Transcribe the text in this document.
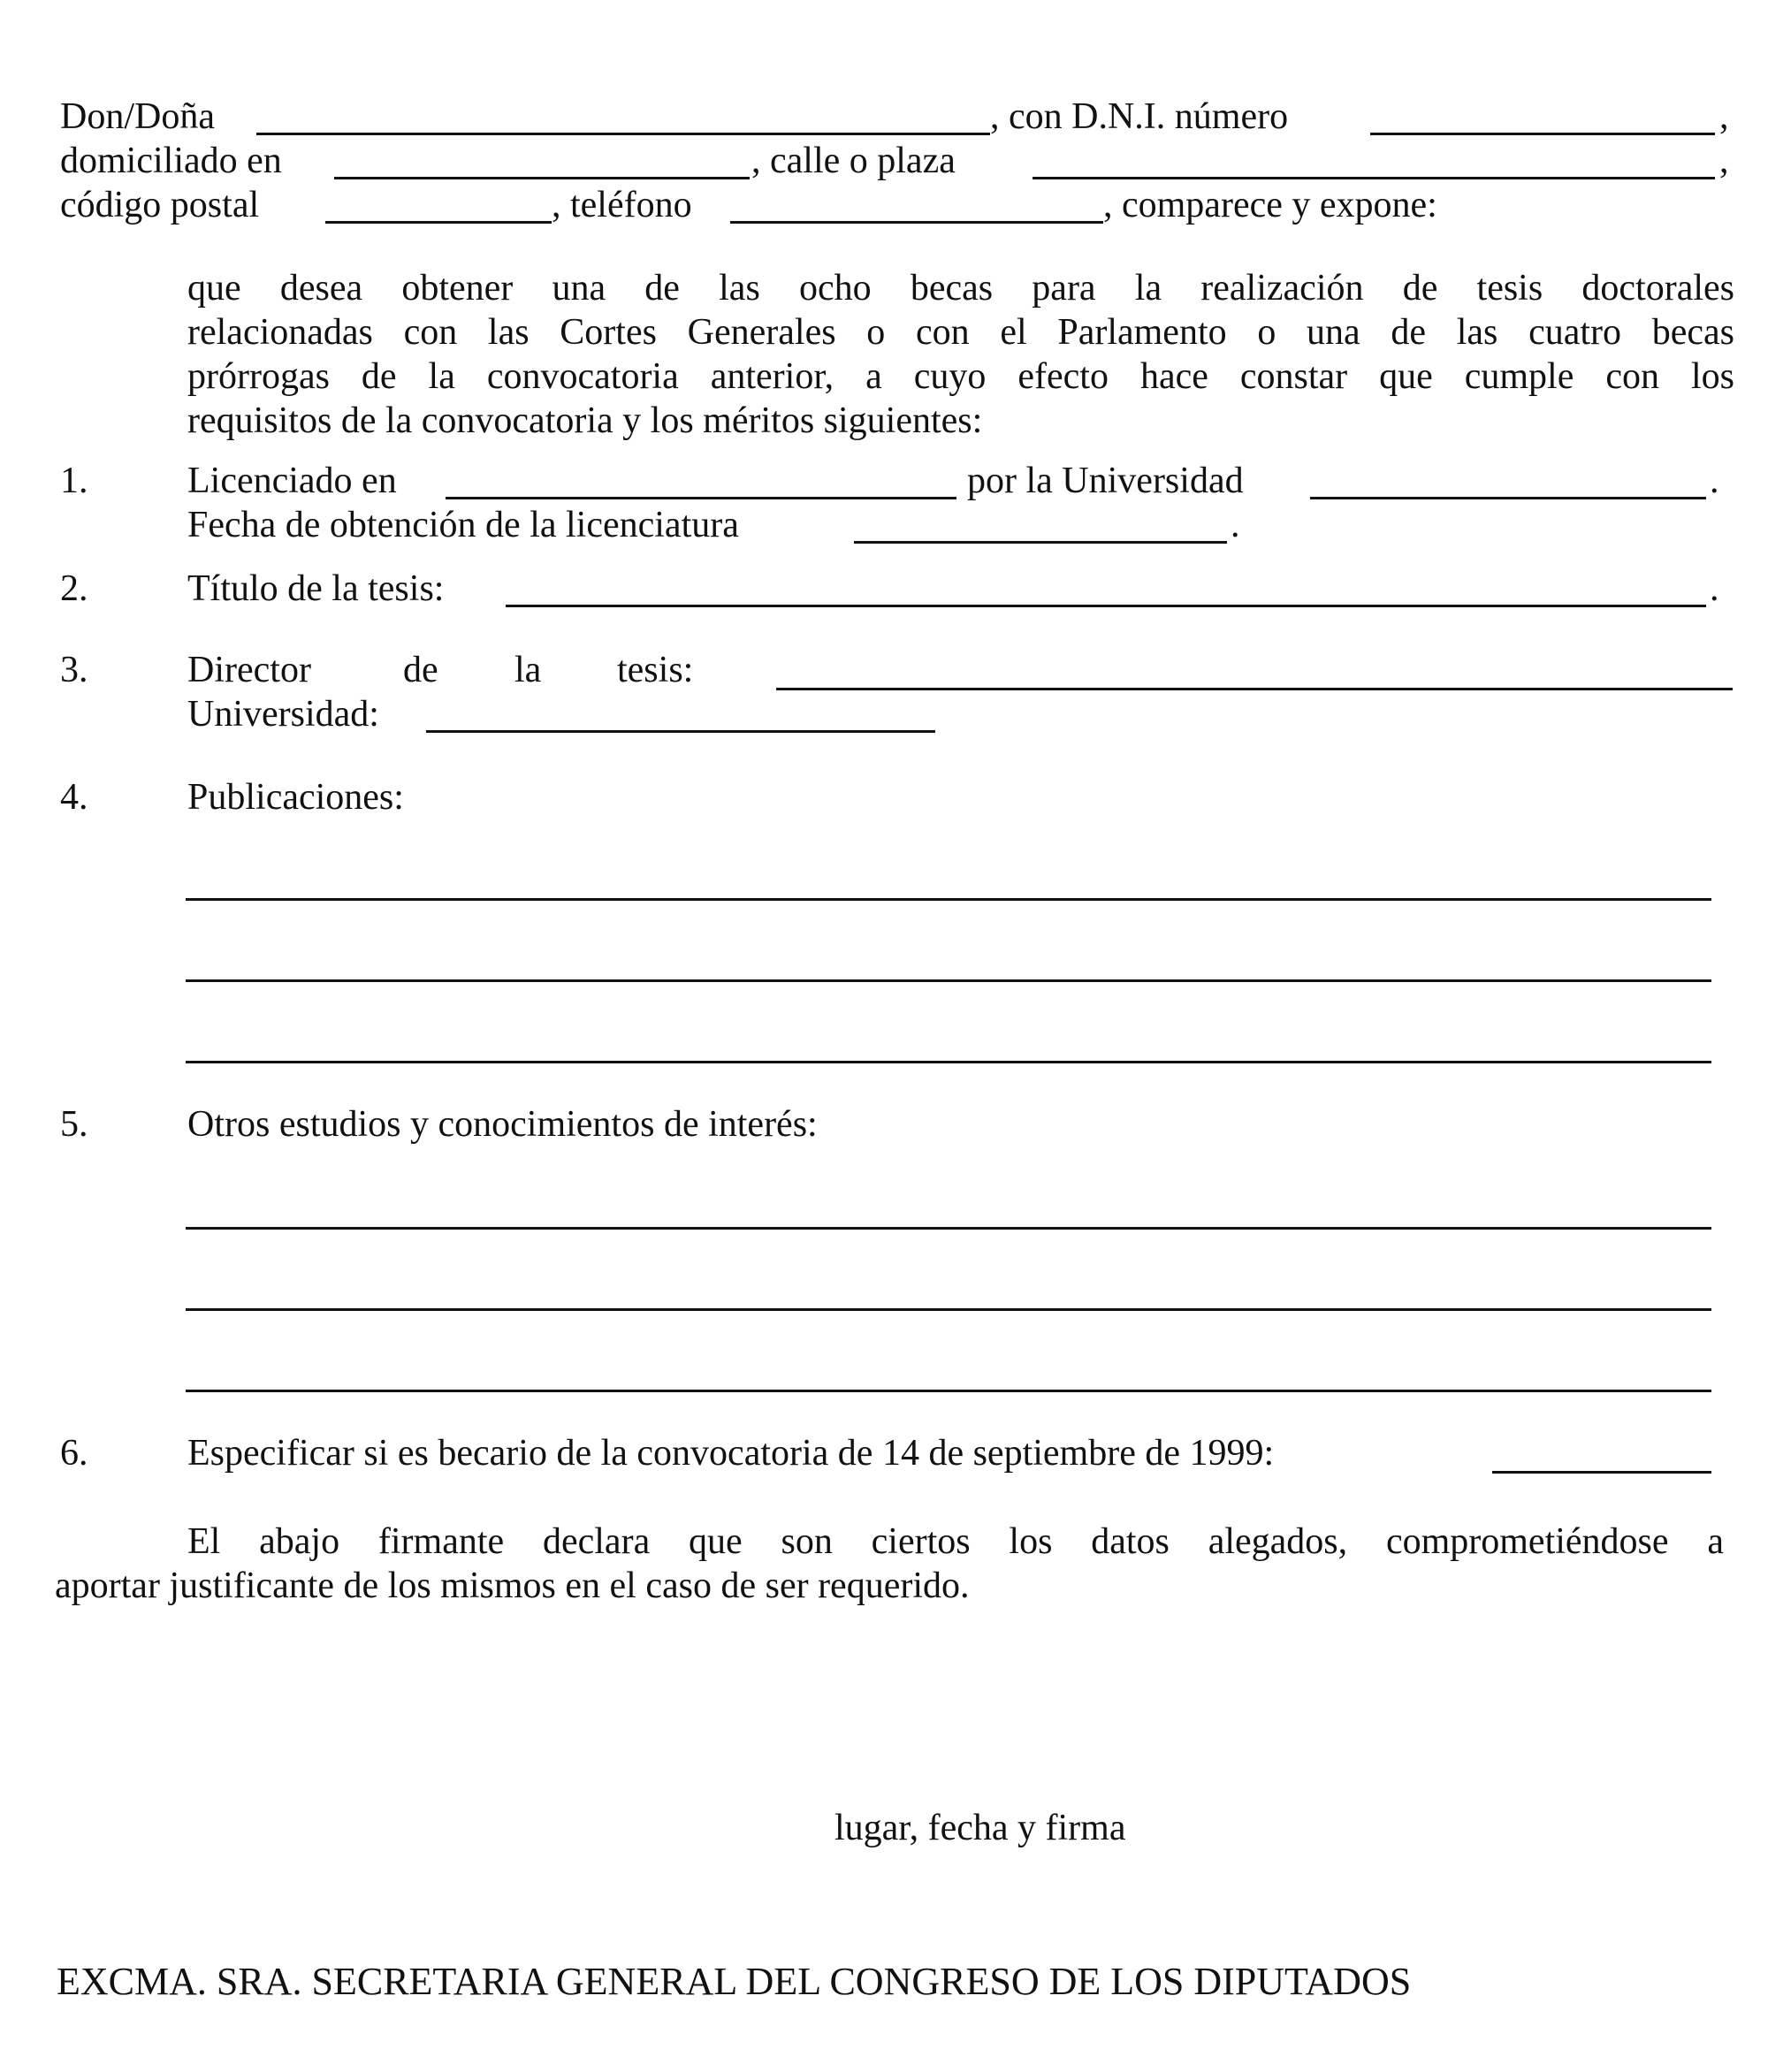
Don/Doña	, con D.N.I. número	,
domiciliado en	, calle o plaza	,
código postal	, teléfono	, comparece y expone:
que desea obtener una de las ocho becas para la realización de tesis doctorales
relacionadas con las Cortes Generales o con el Parlamento o una de las cuatro becas
prórrogas de la convocatoria anterior, a cuyo efecto hace constar que cumple con los
requisitos de la convocatoria y los méritos siguientes:
1.	Licenciado en	por la Universidad	.
Fecha de obtención de la licenciatura	.
2.	Título de la tesis:	.
3.	Director de la tesis:
Universidad:
4.	Publicaciones:
5.	Otros estudios y conocimientos de interés:
6.	Especificar si es becario de la convocatoria de 14 de septiembre de 1999:
El abajo firmante declara que son ciertos los datos alegados, comprometiéndose a
aportar justificante de los mismos en el caso de ser requerido.
lugar, fecha y firma
EXCMA. SRA. SECRETARIA GENERAL DEL CONGRESO DE LOS DIPUTADOS
